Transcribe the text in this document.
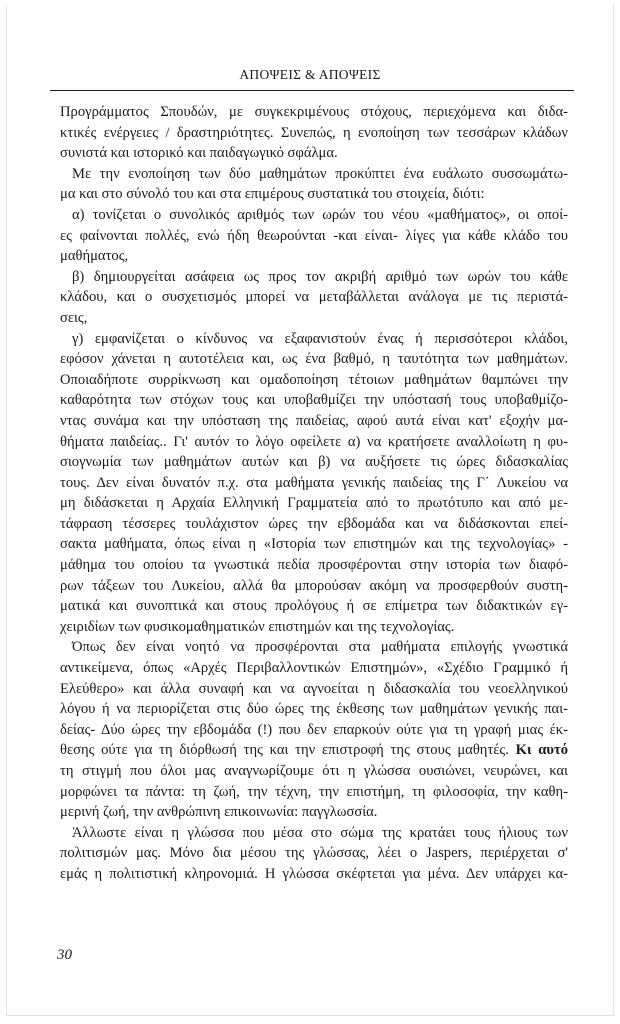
ΑΠΟΨΕΙΣ & ΑΠΟΨΕΙΣ
Προγράμματος Σπουδών, με συγκεκριμένους στόχους, περιεχόμενα και διδα-
κτικές ενέργειες / δραστηριότητες. Συνεπώς, η ενοποίηση των τεσσάρων κλάδων
συνιστά και ιστορικό και παιδαγωγικό σφάλμα.
Με την ενοποίηση των δύο μαθημάτων προκύπτει ένα ευάλωτο συσσωμάτω-
μα και στο σύνολό του και στα επιμέρους συστατικά του στοιχεία, διότι:
α) τονίζεται ο συνολικός αριθμός των ωρών του νέου «μαθήματος», οι οποί-
ες φαίνονται πολλές, ενώ ήδη θεωρούνται -και είναι- λίγες για κάθε κλάδο του
μαθήματος,
β) δημιουργείται ασάφεια ως προς τον ακριβή αριθμό των ωρών του κάθε
κλάδου, και ο συσχετισμός μπορεί να μεταβάλλεται ανάλογα με τις περιστά-
σεις,
γ) εμφανίζεται ο κίνδυνος να εξαφανιστούν ένας ή περισσότεροι κλάδοι,
εφόσον χάνεται η αυτοτέλεια και, ως ένα βαθμό, η ταυτότητα των μαθημάτων.
Οποιαδήποτε συρρίκνωση και ομαδοποίηση τέτοιων μαθημάτων θαμπώνει την
καθαρότητα των στόχων τους και υποβαθμίζει την υπόστασή τους υποβαθμίζο-
ντας συνάμα και την υπόσταση της παιδείας, αφού αυτά είναι κατ' εξοχήν μα-
θήματα παιδείας.. Γι' αυτόν το λόγο οφείλετε α) να κρατήσετε αναλλοίωτη η φυ-
σιογνωμία των μαθημάτων αυτών και β) να αυξήσετε τις ώρες διδασκαλίας
τους. Δεν είναι δυνατόν π.χ. στα μαθήματα γενικής παιδείας της Γ΄ Λυκείου να
μη διδάσκεται η Αρχαία Ελληνική Γραμματεία από το πρωτότυπο και από με-
τάφραση τέσσερες τουλάχιστον ώρες την εβδομάδα και να διδάσκονται επεί-
σακτα μαθήματα, όπως είναι η «Ιστορία των επιστημών και της τεχνολογίας» -
μάθημα του οποίου τα γνωστικά πεδία προσφέρονται στην ιστορία των διαφό-
ρων τάξεων του Λυκείου, αλλά θα μπορούσαν ακόμη να προσφερθούν συστη-
ματικά και συνοπτικά και στους προλόγους ή σε επίμετρα των διδακτικών εγ-
χειριδίων των φυσικομαθηματικών επιστημών και της τεχνολογίας.
Όπως δεν είναι νοητό να προσφέρονται στα μαθήματα επιλογής γνωστικά
αντικείμενα, όπως «Αρχές Περιβαλλοντικών Επιστημών», «Σχέδιο Γραμμικό ή
Ελεύθερο» και άλλα συναφή και να αγνοείται η διδασκαλία του νεοελληνικού
λόγου ή να περιορίζεται στις δύο ώρες της έκθεσης των μαθημάτων γενικής παι-
δείας- Δύο ώρες την εβδομάδα (!) που δεν επαρκούν ούτε για τη γραφή μιας έκ-
θεσης ούτε για τη διόρθωσή της και την επιστροφή της στους μαθητές. Κι αυτό
τη στιγμή που όλοι μας αναγνωρίζουμε ότι η γλώσσα ουσιώνει, νευρώνει, και
μορφώνει τα πάντα: τη ζωή, την τέχνη, την επιστήμη, τη φιλοσοφία, την καθη-
μερινή ζωή, την ανθρώπινη επικοινωνία: παγγλωσσία.
Άλλωστε είναι η γλώσσα που μέσα στο σώμα της κρατάει τους ήλιους των
πολιτισμών μας. Μόνο δια μέσου της γλώσσας, λέει ο Jaspers, περιέρχεται σ'
εμάς η πολιτιστική κληρονομιά. Η γλώσσα σκέφτεται για μένα. Δεν υπάρχει κα-
30
